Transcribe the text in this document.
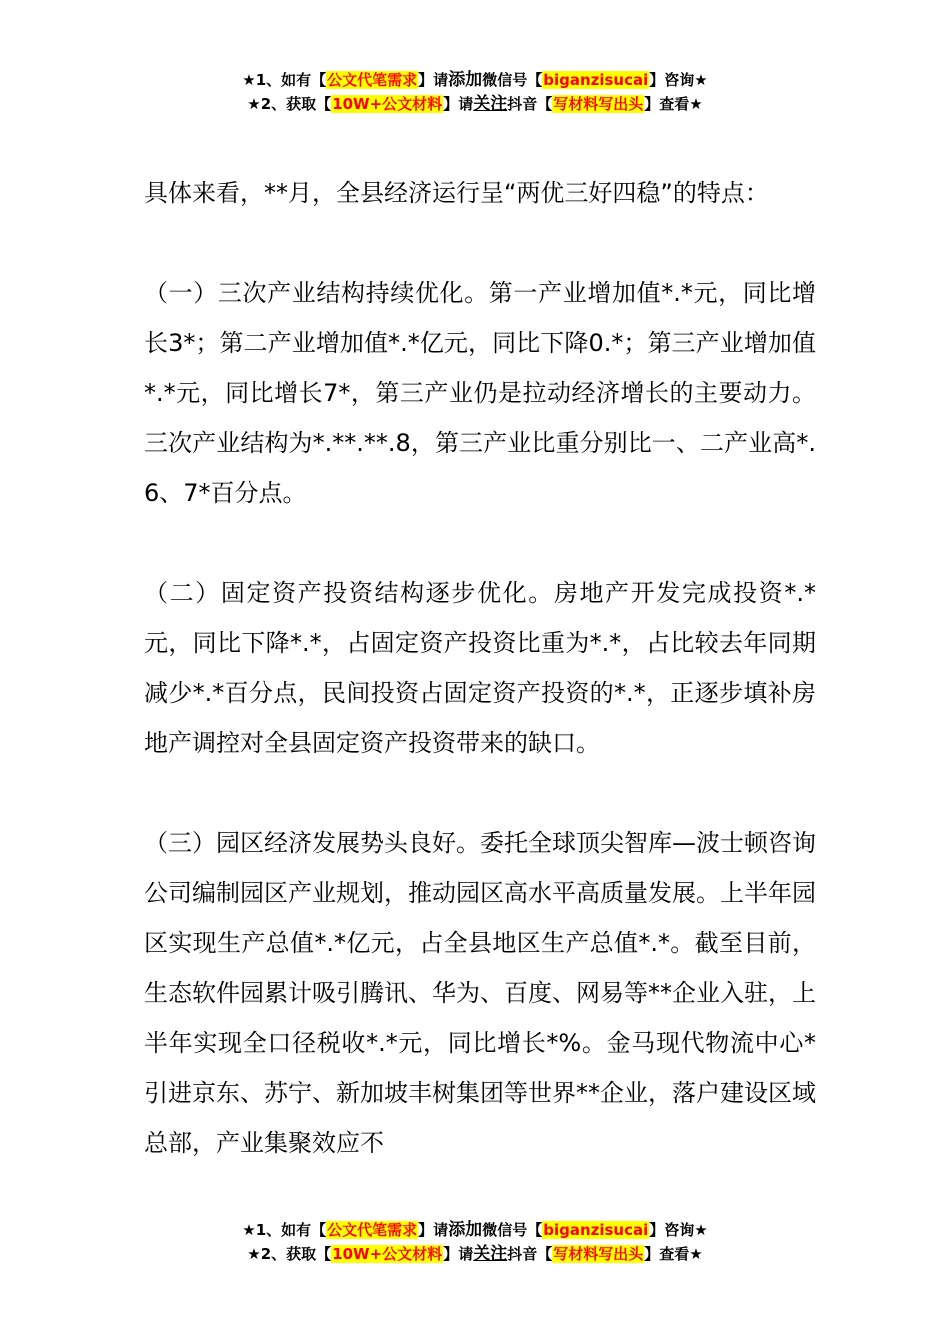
★1、如有【公文代笔需求】请添加微信号【biganzisucai】咨询★
★2、获取【10W+公文材料】请关注抖音【写材料写出头】查看★

具体来看，**月，全县经济运行呈“两优三好四稳”的特点：

（一）三次产业结构持续优化。第一产业增加值*.*元，同比增长3*；第二产业增加值*.*亿元，同比下降0.*；第三产业增加值*.*元，同比增长7*，第三产业仍是拉动经济增长的主要动力。三次产业结构为*.**.**.8，第三产业比重分别比一、二产业高*.6、7*百分点。

（二）固定资产投资结构逐步优化。房地产开发完成投资*.*元，同比下降*.*，占固定资产投资比重为*.*，占比较去年同期减少*.*百分点，民间投资占固定资产投资的*.*，正逐步填补房地产调控对全县固定资产投资带来的缺口。

（三）园区经济发展势头良好。委托全球顶尖智库—波士顿咨询公司编制园区产业规划，推动园区高水平高质量发展。上半年园区实现生产总值*.*亿元，占全县地区生产总值*.*。截至目前，生态软件园累计吸引腾讯、华为、百度、网易等**企业入驻，上半年实现全口径税收*.*元，同比增长*%。金马现代物流中心*引进京东、苏宁、新加坡丰树集团等世界**企业，落户建设区域总部，产业集聚效应不

★1、如有【公文代笔需求】请添加微信号【biganzisucai】咨询★
★2、获取【10W+公文材料】请关注抖音【写材料写出头】查看★
